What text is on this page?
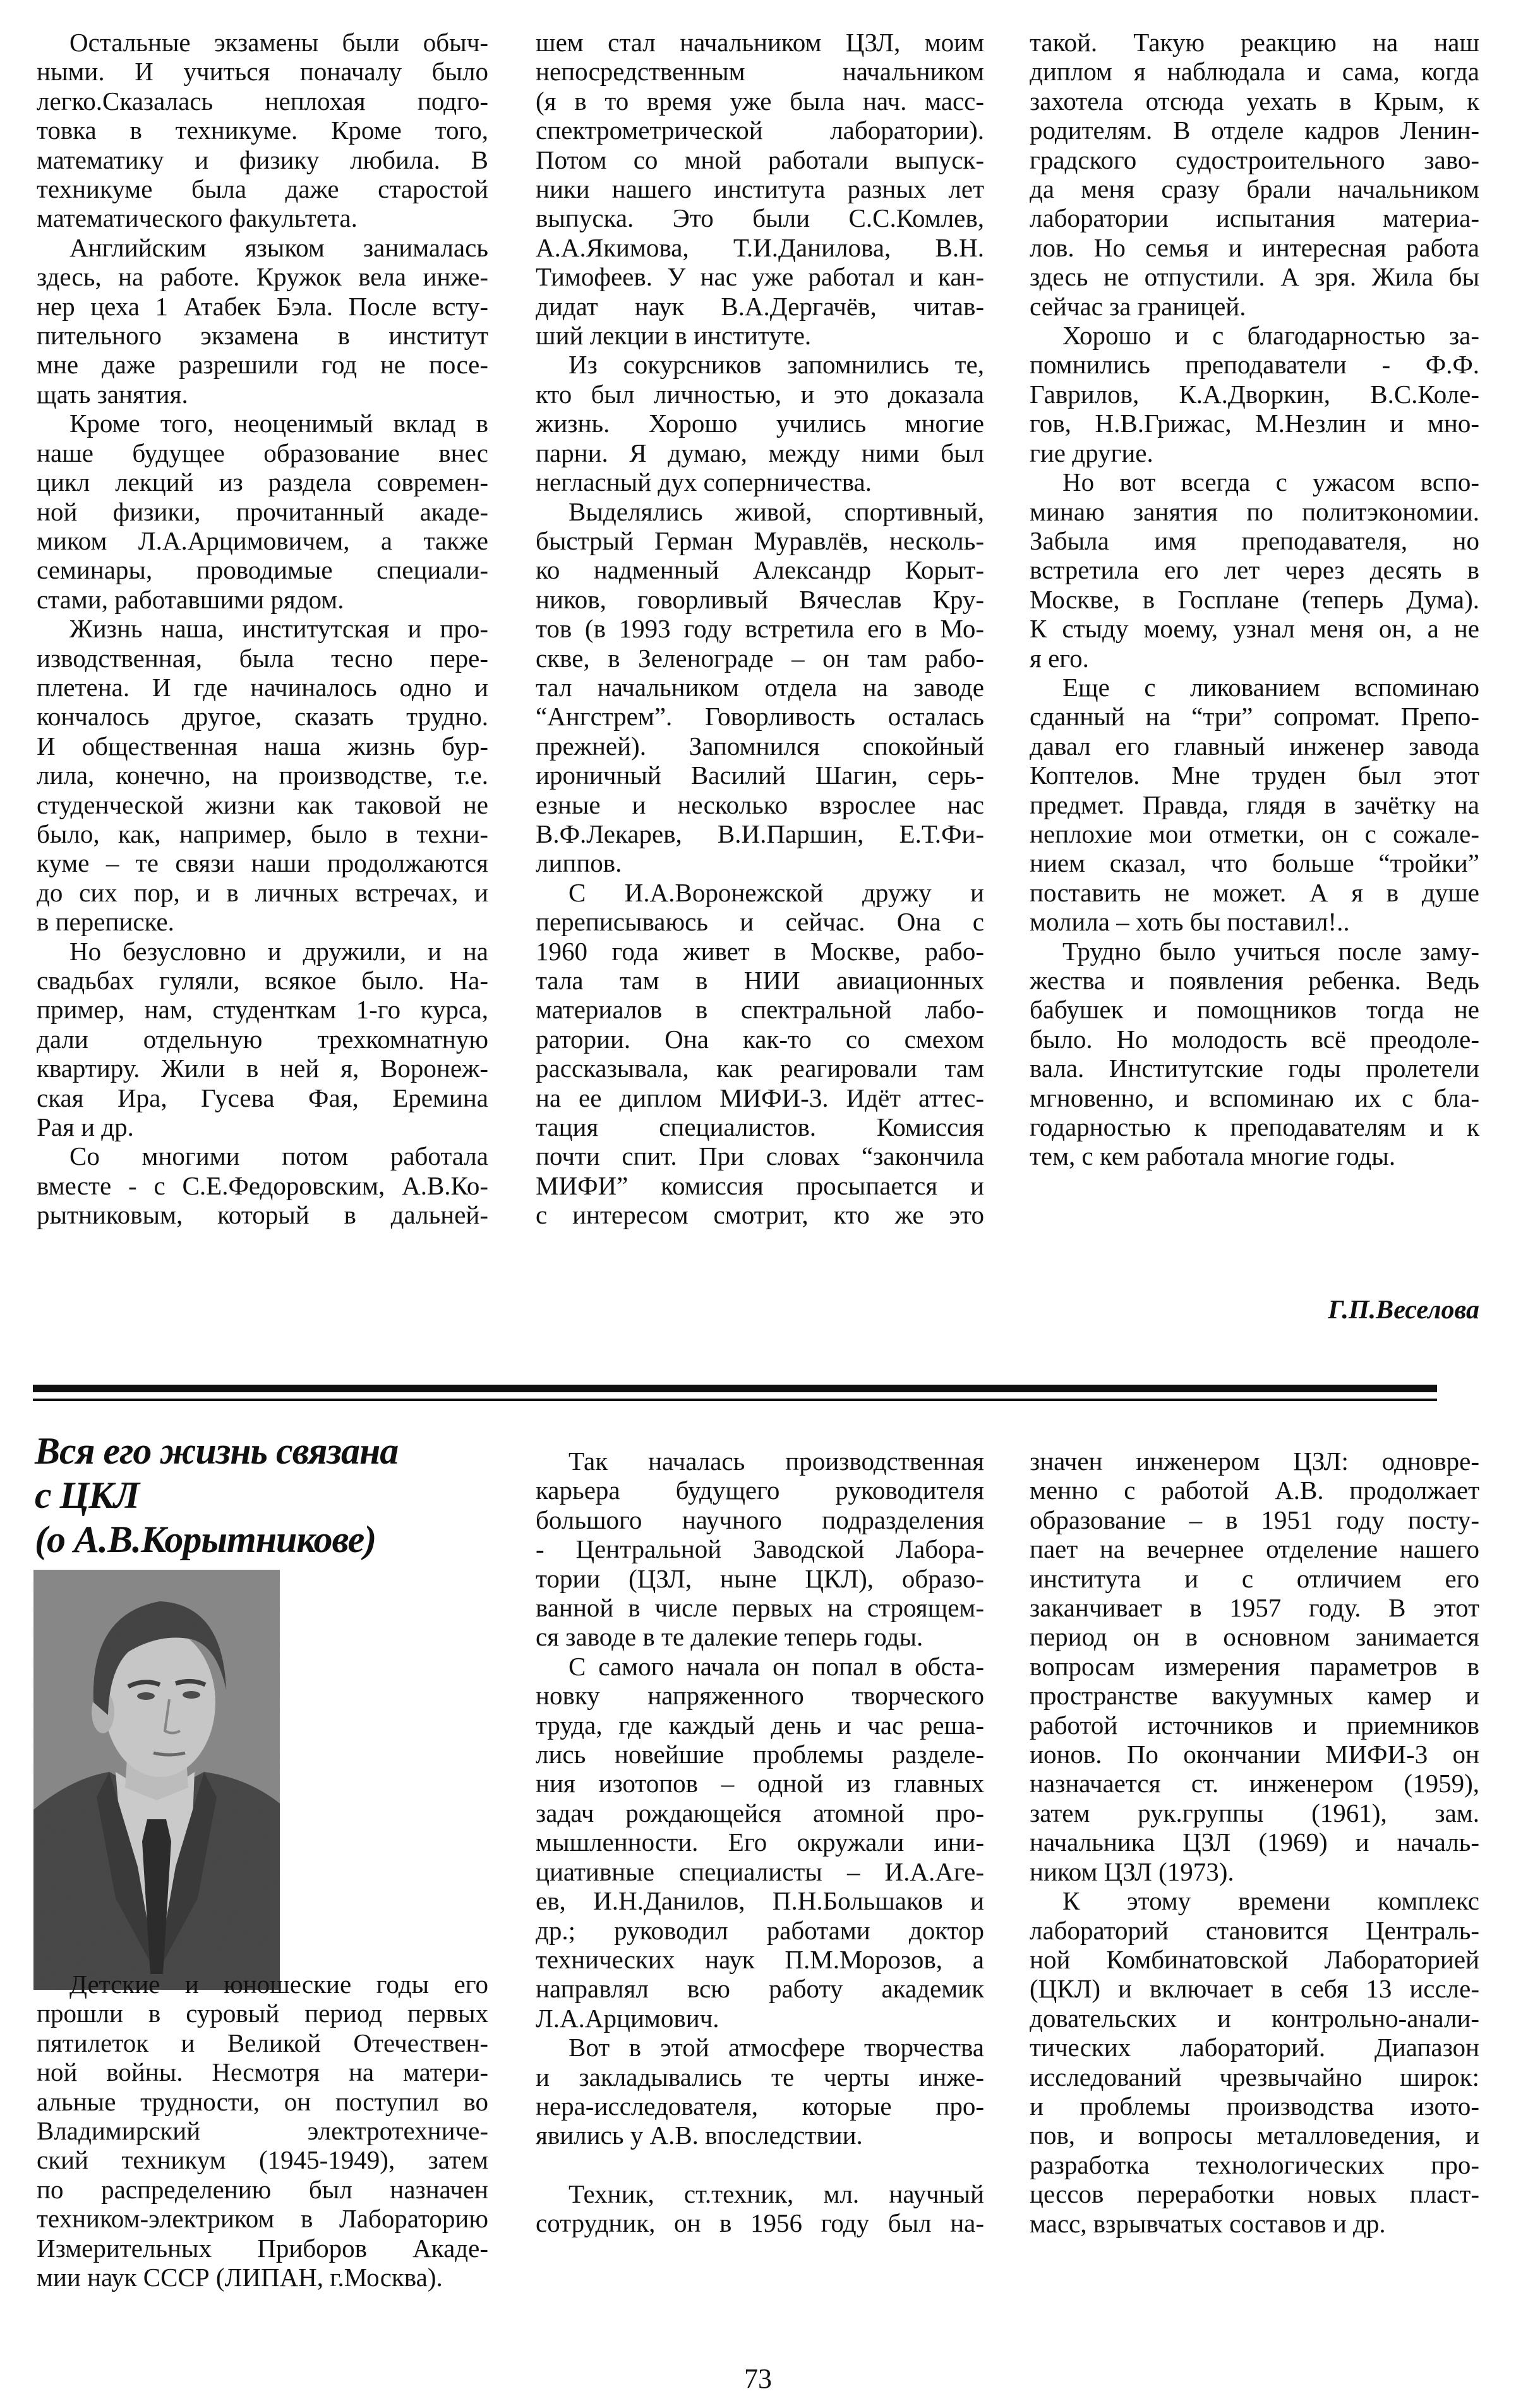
Остальные экзамены были обыч-
ными. И учиться поначалу было
легко.Сказалась неплохая подго-
товка в техникуме. Кроме того,
математику и физику любила. В
техникуме была даже старостой
математического факультета.

Английским языком занималась
здесь, на работе. Кружок вела инже-
нер цеха 1 Атабек Бэла. После всту-
пительного экзамена в институт
мне даже разрешили год не посе-
щать занятия.

Кроме того, неоценимый вклад в
наше будущее образование внес
цикл лекций из раздела современ-
ной физики, прочитанный акаде-
миком Л.А.Арцимовичем, а также
семинары, проводимые специали-
стами, работавшими рядом.

Жизнь наша, институтская и про-
изводственная, была тесно пере-
плетена. И где начиналось одно и
кончалось другое, сказать трудно.
И общественная наша жизнь бур-
лила, конечно, на производстве, т.е.
студенческой жизни как таковой не
было, как, например, было в техни-
куме – те связи наши продолжаются
до сих пор, и в личных встречах, и
в переписке.

Но безусловно и дружили, и на
свадьбах гуляли, всякое было. На-
пример, нам, студенткам 1-го курса,
дали отдельную трехкомнатную
квартиру. Жили в ней я, Воронеж-
ская Ира, Гусева Фая, Еремина
Рая и др.

Со многими потом работала
вместе - с С.Е.Федоровским, А.В.Ко-
рытниковым, который в дальней-

шем стал начальником ЦЗЛ, моим
непосредственным начальником
(я в то время уже была нач. масс-
спектрометрической лаборатории).
Потом со мной работали выпуск-
ники нашего института разных лет
выпуска. Это были С.С.Комлев,
А.А.Якимова, Т.И.Данилова, В.Н.
Тимофеев. У нас уже работал и кан-
дидат наук В.А.Дергачёв, читав-
ший лекции в институте.

Из сокурсников запомнились те,
кто был личностью, и это доказала
жизнь. Хорошо учились многие
парни. Я думаю, между ними был
негласный дух соперничества.

Выделялись живой, спортивный,
быстрый Герман Муравлёв, несколь-
ко надменный Александр Корыт-
ников, говорливый Вячеслав Кру-
тов (в 1993 году встретила его в Мо-
скве, в Зеленограде – он там рабо-
тал начальником отдела на заводе
“Ангстрем”. Говорливость осталась
прежней). Запомнился спокойный
ироничный Василий Шагин, серь-
езные и несколько взрослее нас
В.Ф.Лекарев, В.И.Паршин, Е.Т.Фи-
липпов.

С И.А.Воронежской дружу и
переписываюсь и сейчас. Она с
1960 года живет в Москве, рабо-
тала там в НИИ авиационных
материалов в спектральной лабо-
ратории. Она как-то со смехом
рассказывала, как реагировали там
на ее диплом МИФИ-3. Идёт аттес-
тация специалистов. Комиссия
почти спит. При словах “закончила
МИФИ” комиссия просыпается и
с интересом смотрит, кто же это

такой. Такую реакцию на наш
диплом я наблюдала и сама, когда
захотела отсюда уехать в Крым, к
родителям. В отделе кадров Ленин-
градского судостроительного заво-
да меня сразу брали начальником
лаборатории испытания материа-
лов. Но семья и интересная работа
здесь не отпустили. А зря. Жила бы
сейчас за границей.

Хорошо и с благодарностью за-
помнились преподаватели - Ф.Ф.
Гаврилов, К.А.Дворкин, В.С.Коле-
гов, Н.В.Грижас, М.Незлин и мно-
гие другие.

Но вот всегда с ужасом вспо-
минаю занятия по политэкономии.
Забыла имя преподавателя, но
встретила его лет через десять в
Москве, в Госплане (теперь Дума).
К стыду моему, узнал меня он, а не
я его.

Еще с ликованием вспоминаю
сданный на “три” сопромат. Препо-
давал его главный инженер завода
Коптелов. Мне труден был этот
предмет. Правда, глядя в зачётку на
неплохие мои отметки, он с сожале-
нием сказал, что больше “тройки”
поставить не может. А я в душе
молила – хоть бы поставил!..

Трудно было учиться после заму-
жества и появления ребенка. Ведь
бабушек и помощников тогда не
было. Но молодость всё преодоле-
вала. Институтские годы пролетели
мгновенно, и вспоминаю их с бла-
годарностью к преподавателям и к
тем, с кем работала многие годы.

Г.П.Веселова
Вся его жизнь связана
с ЦКЛ
(о А.В.Корытникове)

Детские и юношеские годы его
прошли в суровый период первых
пятилеток и Великой Отечествен-
ной войны. Несмотря на матери-
альные трудности, он поступил во
Владимирский электротехниче-
ский техникум (1945-1949), затем
по распределению был назначен
техником-электриком в Лабораторию
Измерительных Приборов Акаде-
мии наук СССР (ЛИПАН, г.Москва).

Так началась производственная
карьера будущего руководителя
большого научного подразделения
- Центральной Заводской Лабора-
тории (ЦЗЛ, ныне ЦКЛ), образо-
ванной в числе первых на строящем-
ся заводе в те далекие теперь годы.

С самого начала он попал в обста-
новку напряженного творческого
труда, где каждый день и час реша-
лись новейшие проблемы разделе-
ния изотопов – одной из главных
задач рождающейся атомной про-
мышленности. Его окружали ини-
циативные специалисты – И.А.Аге-
ев, И.Н.Данилов, П.Н.Большаков и
др.; руководил работами доктор
технических наук П.М.Морозов, а
направлял всю работу академик
Л.А.Арцимович.

Вот в этой атмосфере творчества
и закладывались те черты инже-
нера-исследователя, которые про-
явились у А.В. впоследствии.

Техник, ст.техник, мл. научный
сотрудник, он в 1956 году был на-

значен инженером ЦЗЛ: одновре-
менно с работой А.В. продолжает
образование – в 1951 году посту-
пает на вечернее отделение нашего
института и с отличием его
заканчивает в 1957 году. В этот
период он в основном занимается
вопросам измерения параметров в
пространстве вакуумных камер и
работой источников и приемников
ионов. По окончании МИФИ-3 он
назначается ст. инженером (1959),
затем рук.группы (1961), зам.
начальника ЦЗЛ (1969) и началь-
ником ЦЗЛ (1973).

К этому времени комплекс
лабораторий становится Централь-
ной Комбинатовской Лабораторией
(ЦКЛ) и включает в себя 13 иссле-
довательских и контрольно-анали-
тических лабораторий. Диапазон
исследований чрезвычайно широк:
и проблемы производства изото-
пов, и вопросы металловедения, и
разработка технологических про-
цессов переработки новых пласт-
масс, взрывчатых составов и др.

73
